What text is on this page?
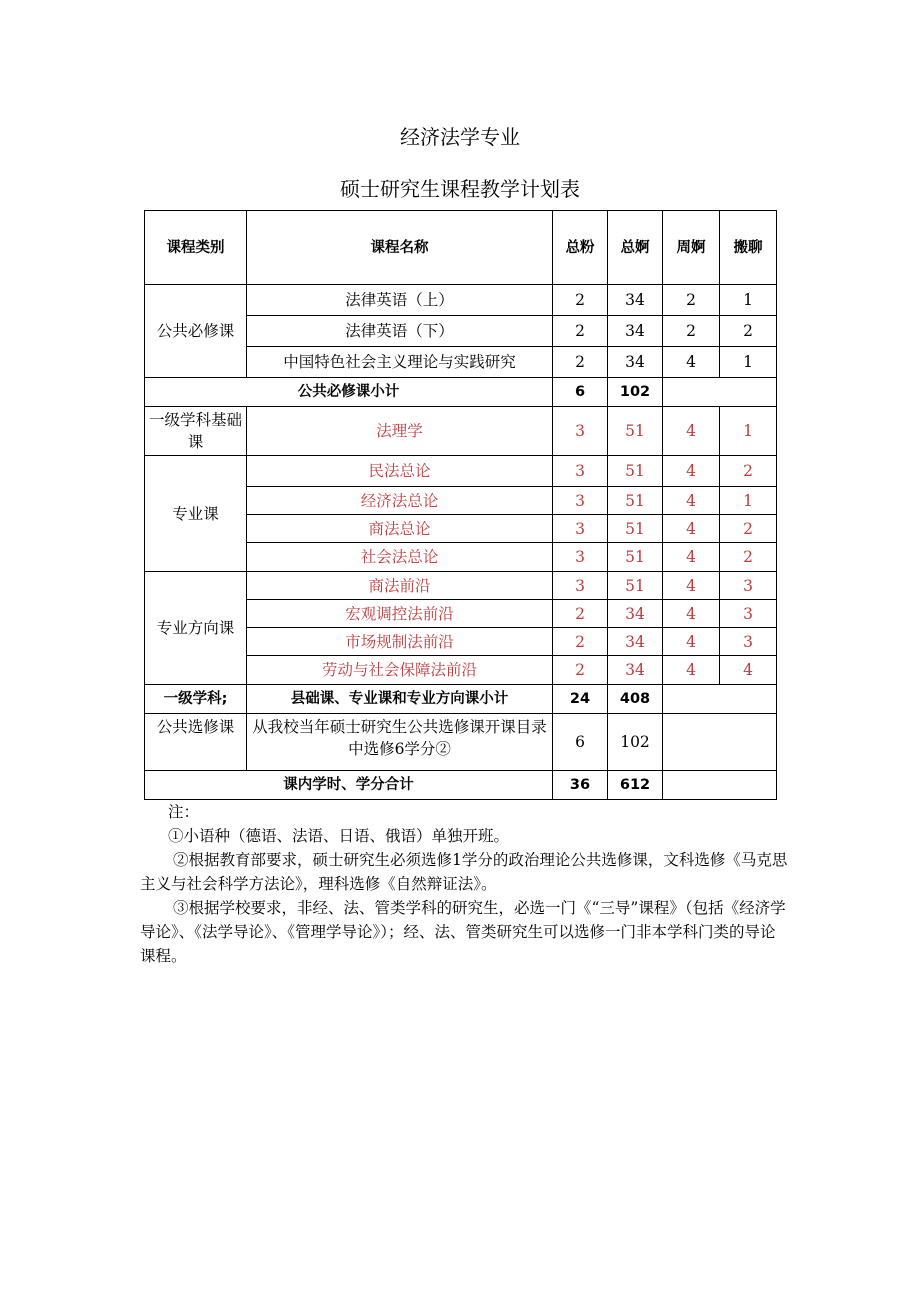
经济法学专业
硕士研究生课程教学计划表
课程类别	课程名称	总粉	总婀	周婀	搬聊
公共必修课	法律英语（上）	2	34	2	1
	法律英语（下）	2	34	2	2
	中国特色社会主义理论与实践研究	2	34	4	1
公共必修课小计		6	102		
一级学科基础课	法理学	3	51	4	1
专业课	民法总论	3	51	4	2
	经济法总论	3	51	4	1
	商法总论	3	51	4	2
	社会法总论	3	51	4	2
专业方向课	商法前沿	3	51	4	3
	宏观调控法前沿	2	34	4	3
	市场规制法前沿	2	34	4	3
	劳动与社会保障法前沿	2	34	4	4
一级学科;	县础课、专业课和专业方向课小计	24	408		
公共选修课	从我校当年硕士研究生公共选修课开课目录中选修6学分②	6	102		
课内学时、学分合计		36	612		

注：

①小语种（德语、法语、日语、俄语）单独开班。

②根据教育部要求，硕士研究生必须选修1学分的政治理论公共选修课，文科选修《马克思主义与社会科学方法论》，理科选修《自然辩证法》。

③根据学校要求，非经、法、管类学科的研究生，必选一门《“三导”课程》（包括《经济学导论》、《法学导论》、《管理学导论》）；经、法、管类研究生可以选修一门非本学科门类的导论课程。
